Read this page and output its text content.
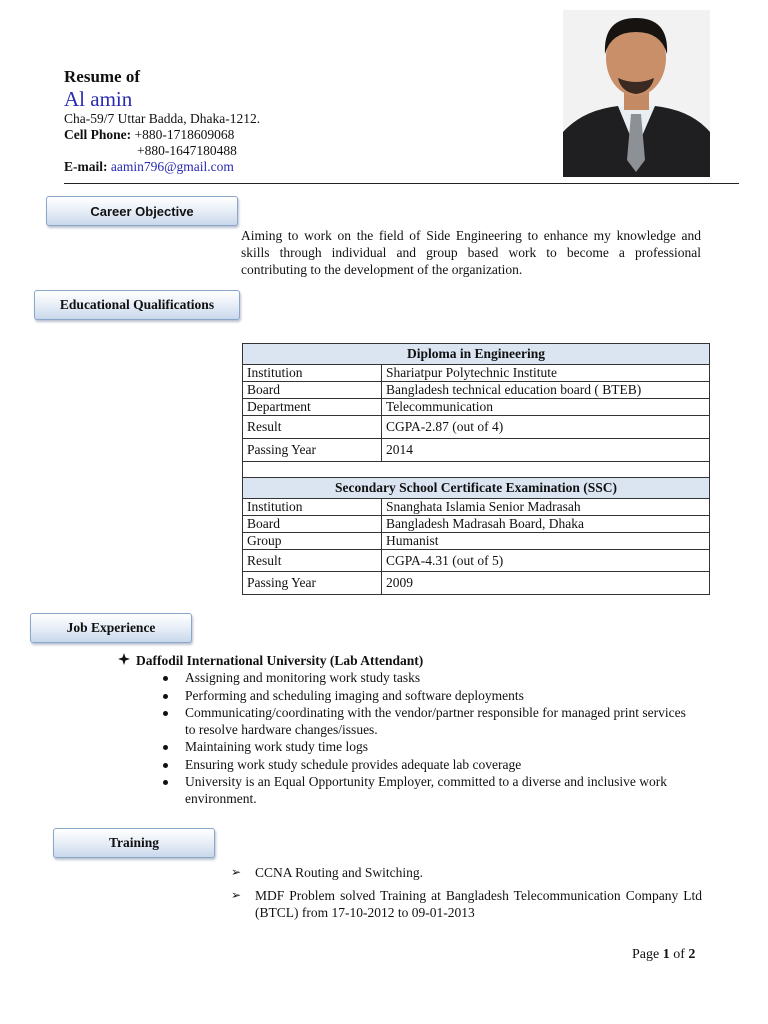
Resume of
Al amin
Cha-59/7 Uttar Badda, Dhaka-1212.
Cell Phone: +880-1718609068
+880-1647180488
E-mail: aamin796@gmail.com
Career Objective
Aiming to work on the field of Side Engineering to enhance my knowledge and skills through individual and group based work to become a professional contributing to the development of the organization.
Educational Qualifications
Diploma in Engineering	
Institution	Shariatpur Polytechnic Institute
Board	Bangladesh technical education board ( BTEB)
Department	Telecommunication
Result	CGPA-2.87 (out of 4)
Passing Year	2014

Secondary School Certificate Examination (SSC)	
Institution	Snanghata Islamia Senior Madrasah
Board	Bangladesh Madrasah Board, Dhaka
Group	Humanist
Result	CGPA-4.31 (out of 5)
Passing Year	2009
Job Experience
Daffodil International University (Lab Attendant)
Assigning and monitoring work study tasks
Performing and scheduling imaging and software deployments
Communicating/coordinating with the vendor/partner responsible for managed print services to resolve hardware changes/issues.
Maintaining work study time logs
Ensuring work study schedule provides adequate lab coverage
University is an Equal Opportunity Employer, committed to a diverse and inclusive work environment.
Training
➢ CCNA Routing and Switching.
➢ MDF Problem solved Training at Bangladesh Telecommunication Company Ltd (BTCL) from 17-10-2012 to 09-01-2013
Page 1 of 2
